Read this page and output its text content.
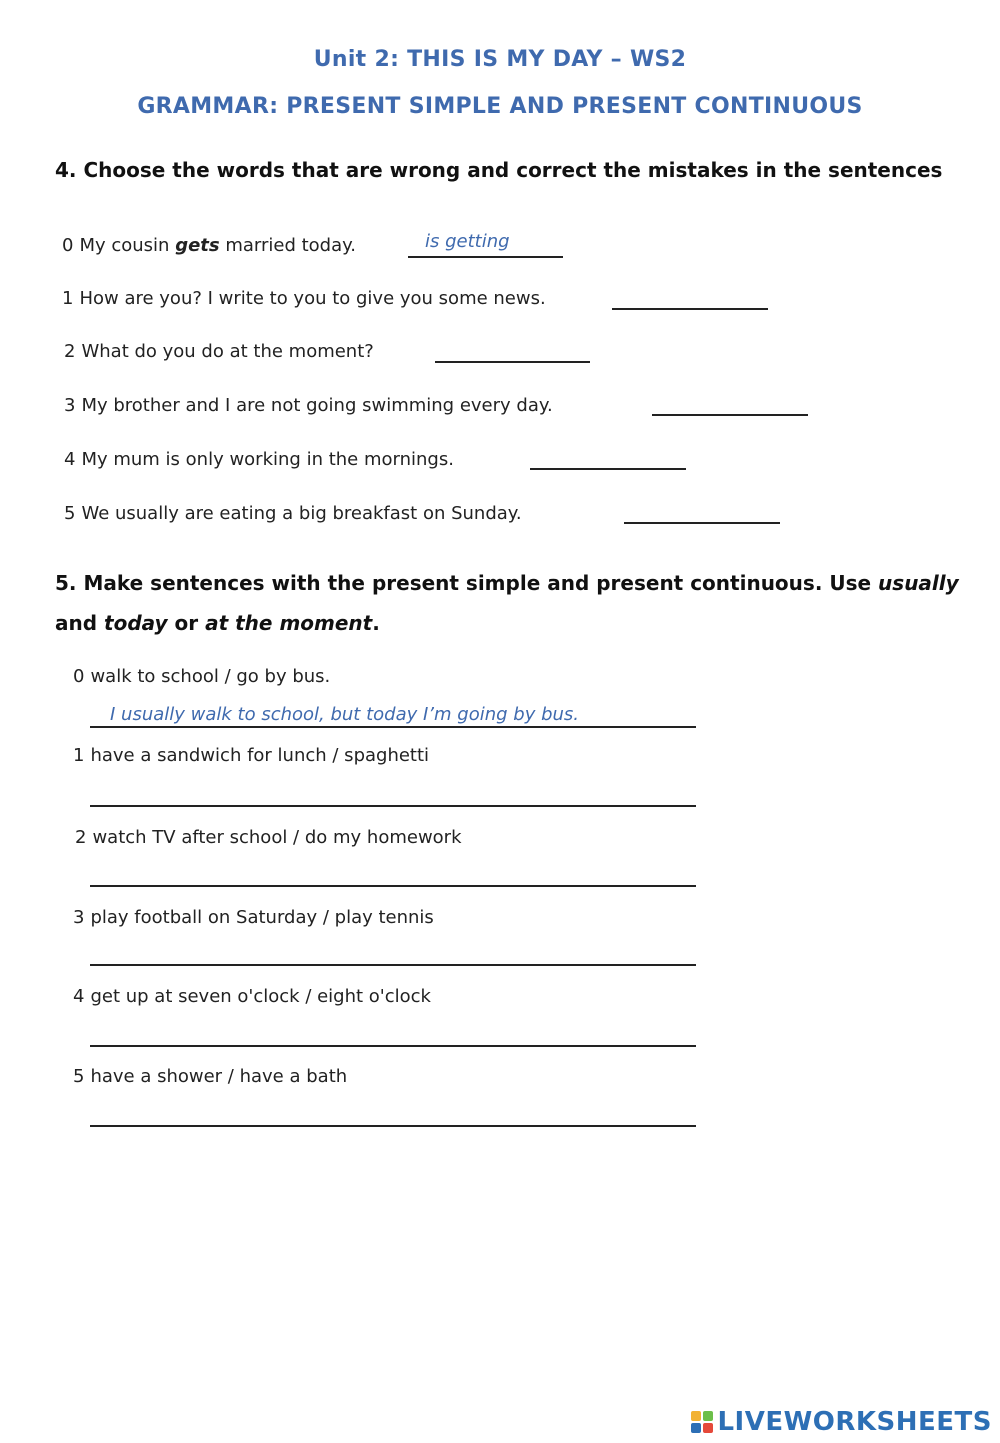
Unit 2: THIS IS MY DAY – WS2
GRAMMAR: PRESENT SIMPLE AND PRESENT CONTINUOUS
4. Choose the words that are wrong and correct the mistakes in the sentences
0 My cousin gets married today.	is getting
1 How are you? I write to you to give you some news.
2 What do you do at the moment?
3 My brother and I are not going swimming every day.
4 My mum is only working in the mornings.
5 We usually are eating a big breakfast on Sunday.
5. Make sentences with the present simple and present continuous. Use usually
and today or at the moment.
0 walk to school / go by bus.
I usually walk to school, but today I’m going by bus.
1 have a sandwich for lunch / spaghetti
2 watch TV after school / do my homework
3 play football on Saturday / play tennis
4 get up at seven o'clock / eight o'clock
5 have a shower / have a bath
LIVEWORKSHEETS
